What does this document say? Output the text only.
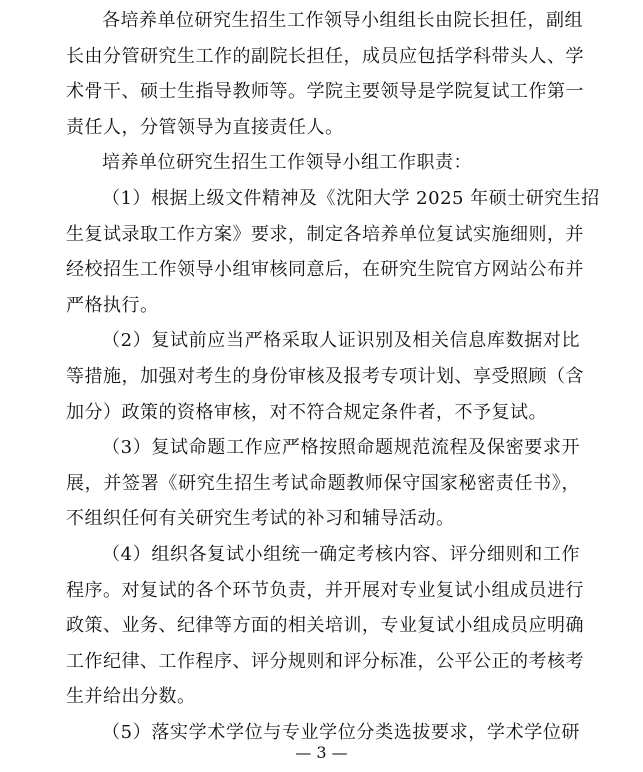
各培养单位研究生招生工作领导小组组长由院长担任，副组
长由分管研究生工作的副院长担任，成员应包括学科带头人、学
术骨干、硕士生指导教师等。学院主要领导是学院复试工作第一
责任人，分管领导为直接责任人。
培养单位研究生招生工作领导小组工作职责：
（1）根据上级文件精神及《沈阳大学 2025 年硕士研究生招
生复试录取工作方案》要求，制定各培养单位复试实施细则，并
经校招生工作领导小组审核同意后，在研究生院官方网站公布并
严格执行。
（2）复试前应当严格采取人证识别及相关信息库数据对比
等措施，加强对考生的身份审核及报考专项计划、享受照顾（含
加分）政策的资格审核，对不符合规定条件者，不予复试。
（3）复试命题工作应严格按照命题规范流程及保密要求开
展，并签署《研究生招生考试命题教师保守国家秘密责任书》，
不组织任何有关研究生考试的补习和辅导活动。
（4）组织各复试小组统一确定考核内容、评分细则和工作
程序。对复试的各个环节负责，并开展对专业复试小组成员进行
政策、业务、纪律等方面的相关培训，专业复试小组成员应明确
工作纪律、工作程序、评分规则和评分标准，公平公正的考核考
生并给出分数。
（5）落实学术学位与专业学位分类选拔要求，学术学位研
— 3 —
